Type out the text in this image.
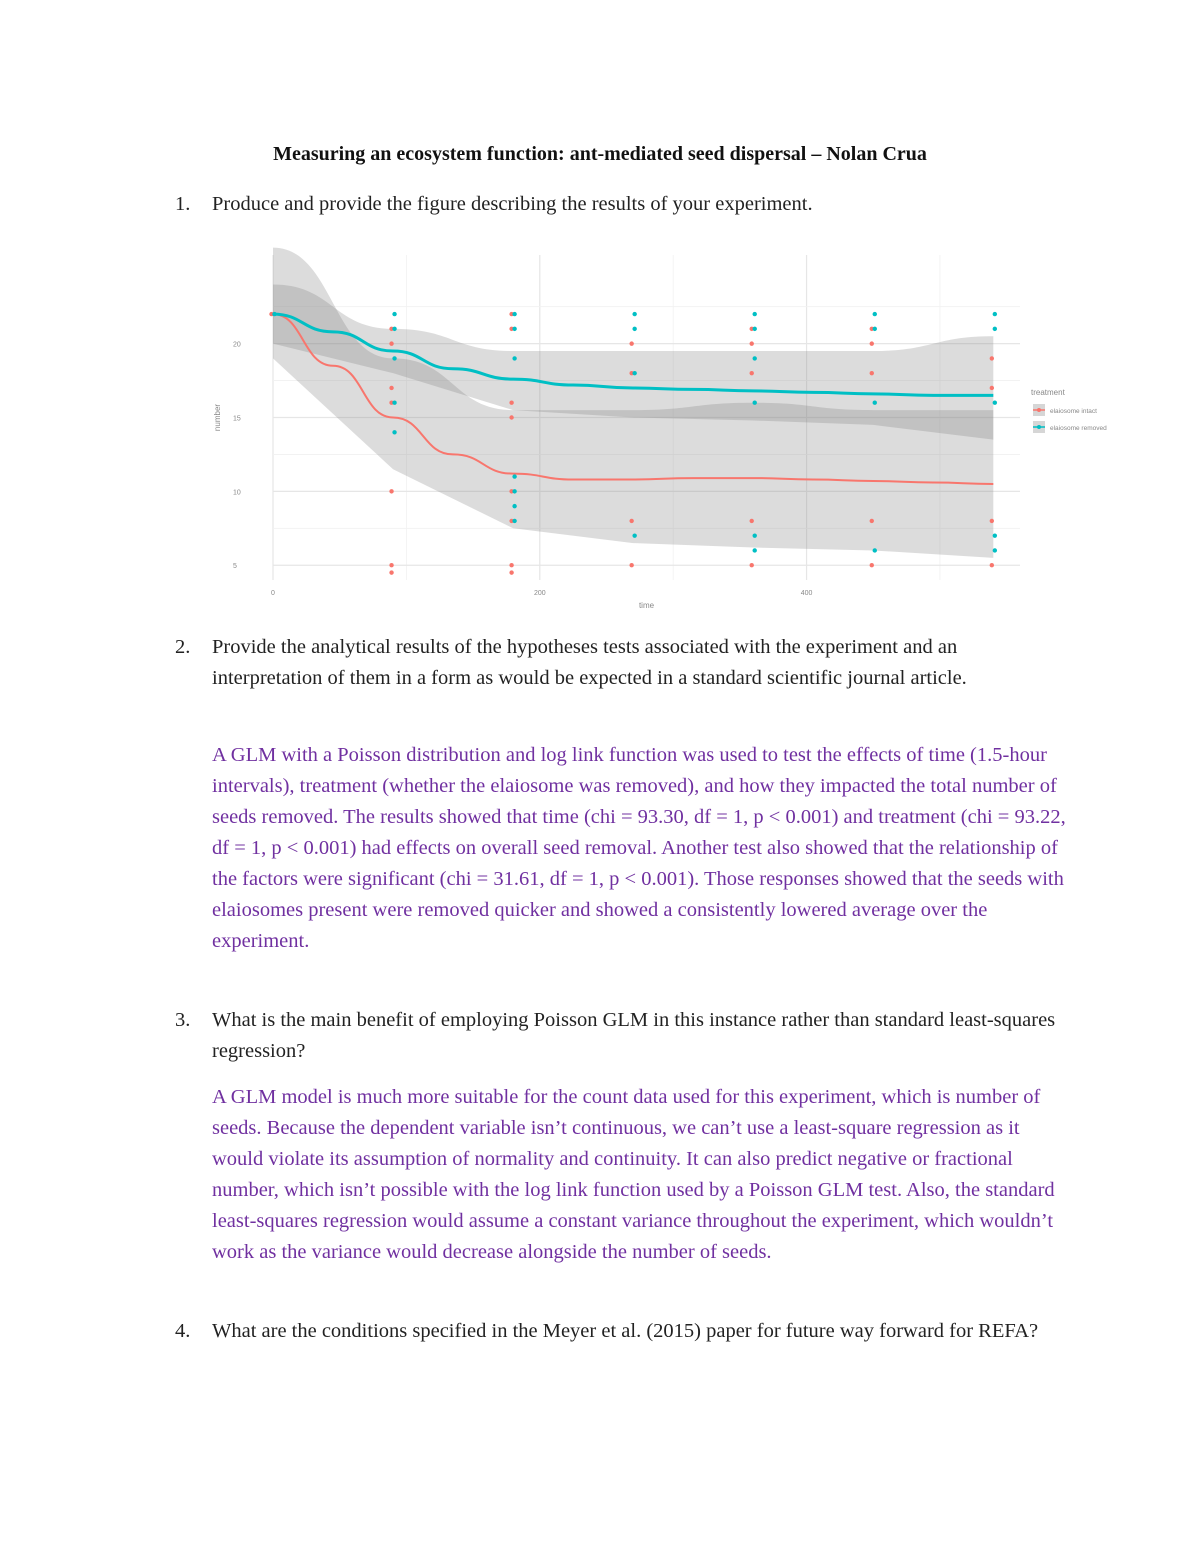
Measuring an ecosystem function: ant-mediated seed dispersal – Nolan Crua
1.	Produce and provide the figure describing the results of your experiment.
0	200	400
5
10
15
20
time
number
treatment
elaiosome intact
elaiosome removed
2.	Provide the analytical results of the hypotheses tests associated with the experiment and an interpretation of them in a form as would be expected in a standard scientific journal article.
A GLM with a Poisson distribution and log link function was used to test the effects of time (1.5-hour intervals), treatment (whether the elaiosome was removed), and how they impacted the total number of seeds removed. The results showed that time (chi = 93.30, df = 1, p < 0.001) and treatment (chi = 93.22, df = 1, p < 0.001) had effects on overall seed removal. Another test also showed that the relationship of the factors were significant (chi = 31.61, df = 1, p < 0.001). Those responses showed that the seeds with elaiosomes present were removed quicker and showed a consistently lowered average over the experiment.
3.	What is the main benefit of employing Poisson GLM in this instance rather than standard least-squares regression?
A GLM model is much more suitable for the count data used for this experiment, which is number of seeds. Because the dependent variable isn’t continuous, we can’t use a least-square regression as it would violate its assumption of normality and continuity. It can also predict negative or fractional number, which isn’t possible with the log link function used by a Poisson GLM test. Also, the standard least-squares regression would assume a constant variance throughout the experiment, which wouldn’t work as the variance would decrease alongside the number of seeds.
4.	What are the conditions specified in the Meyer et al. (2015) paper for future way forward for REFA?
